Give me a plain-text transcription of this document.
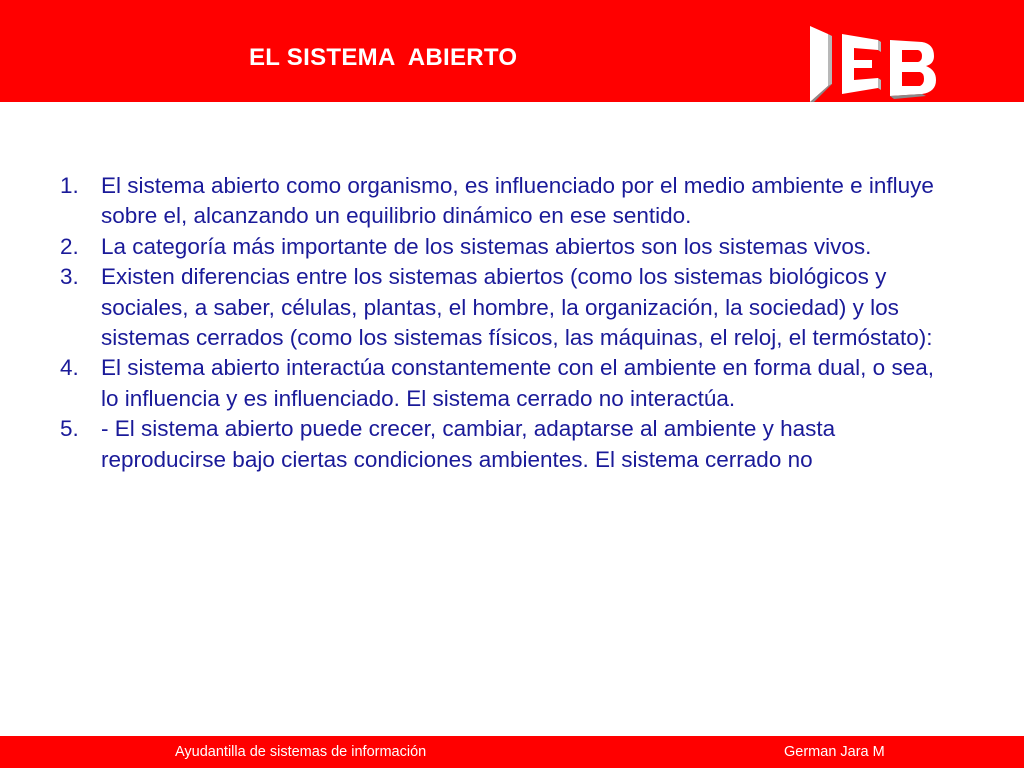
EL SISTEMA  ABIERTO
1. El sistema abierto como organismo, es influenciado por el medio ambiente e influye sobre el, alcanzando un equilibrio dinámico en ese sentido.
2. La categoría más importante de los sistemas abiertos son los sistemas vivos.
3. Existen diferencias entre los sistemas abiertos (como los sistemas biológicos y sociales, a saber, células, plantas, el hombre, la organización, la sociedad) y los sistemas cerrados (como los sistemas físicos, las máquinas, el reloj, el termóstato):
4. El sistema abierto interactúa constantemente con el ambiente en forma dual, o sea, lo influencia y es influenciado. El sistema cerrado no interactúa.
5. - El sistema abierto puede crecer, cambiar, adaptarse al ambiente y hasta reproducirse bajo ciertas condiciones ambientes. El sistema cerrado no
Ayudantilla de sistemas de información	German Jara M
